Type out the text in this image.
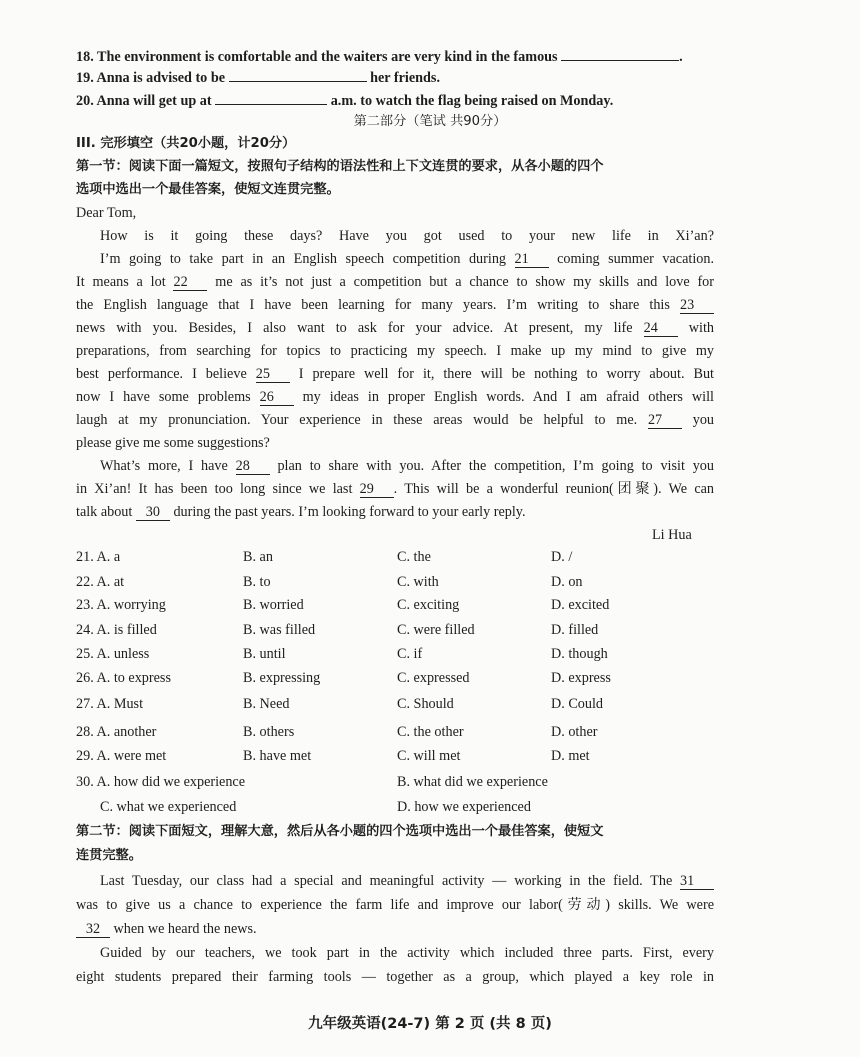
18. The environment is comfortable and the waiters are very kind in the famous	.
19. Anna is advised to be	her friends.
20. Anna will get up at	a.m. to watch the flag being raised on Monday.
第二部分（笔试 共90分）
III. 完形填空（共20小题，计20分）
第一节：阅读下面一篇短文，按照句子结构的语法性和上下文连贯的要求，从各小题的四个
选项中选出一个最佳答案，使短文连贯完整。
Dear Tom,
How is it going these days? Have you got used to your new life in Xi’an?
I’m going to take part in an English speech competition during 21 coming summer vacation.
It means a lot 22 me as it’s not just a competition but a chance to show my skills and love for
the English language that I have been learning for many years. I’m writing to share this 23
news with you. Besides, I also want to ask for your advice. At present, my life 24 with
preparations, from searching for topics to practicing my speech. I make up my mind to give my
best performance. I believe 25 I prepare well for it, there will be nothing to worry about. But
now I have some problems 26 my ideas in proper English words. And I am afraid others will
laugh at my pronunciation. Your experience in these areas would be helpful to me. 27 you
please give me some suggestions?
What’s more, I have 28 plan to share with you. After the competition, I’m going to visit you
in Xi’an! It has been too long since we last 29 . This will be a wonderful reunion(团聚). We can
talk about 30 during the past years. I’m looking forward to your early reply.
Li Hua
21. A. a	B. an	C. the	D. /
22. A. at	B. to	C. with	D. on
23. A. worrying	B. worried	C. exciting	D. excited
24. A. is filled	B. was filled	C. were filled	D. filled
25. A. unless	B. until	C. if	D. though
26. A. to express	B. expressing	C. expressed	D. express
27. A. Must	B. Need	C. Should	D. Could
28. A. another	B. others	C. the other	D. other
29. A. were met	B. have met	C. will met	D. met
30. A. how did we experience	B. what did we experience
C. what we experienced	D. how we experienced
第二节：阅读下面短文，理解大意，然后从各小题的四个选项中选出一个最佳答案，使短文
连贯完整。
Last Tuesday, our class had a special and meaningful activity — working in the field. The 31
was to give us a chance to experience the farm life and improve our labor(劳动) skills. We were
32 when we heard the news.
Guided by our teachers, we took part in the activity which included three parts. First, every
eight students prepared their farming tools — together as a group, which played a key role in
九年级英语(24-7) 第 2 页 (共 8 页)
